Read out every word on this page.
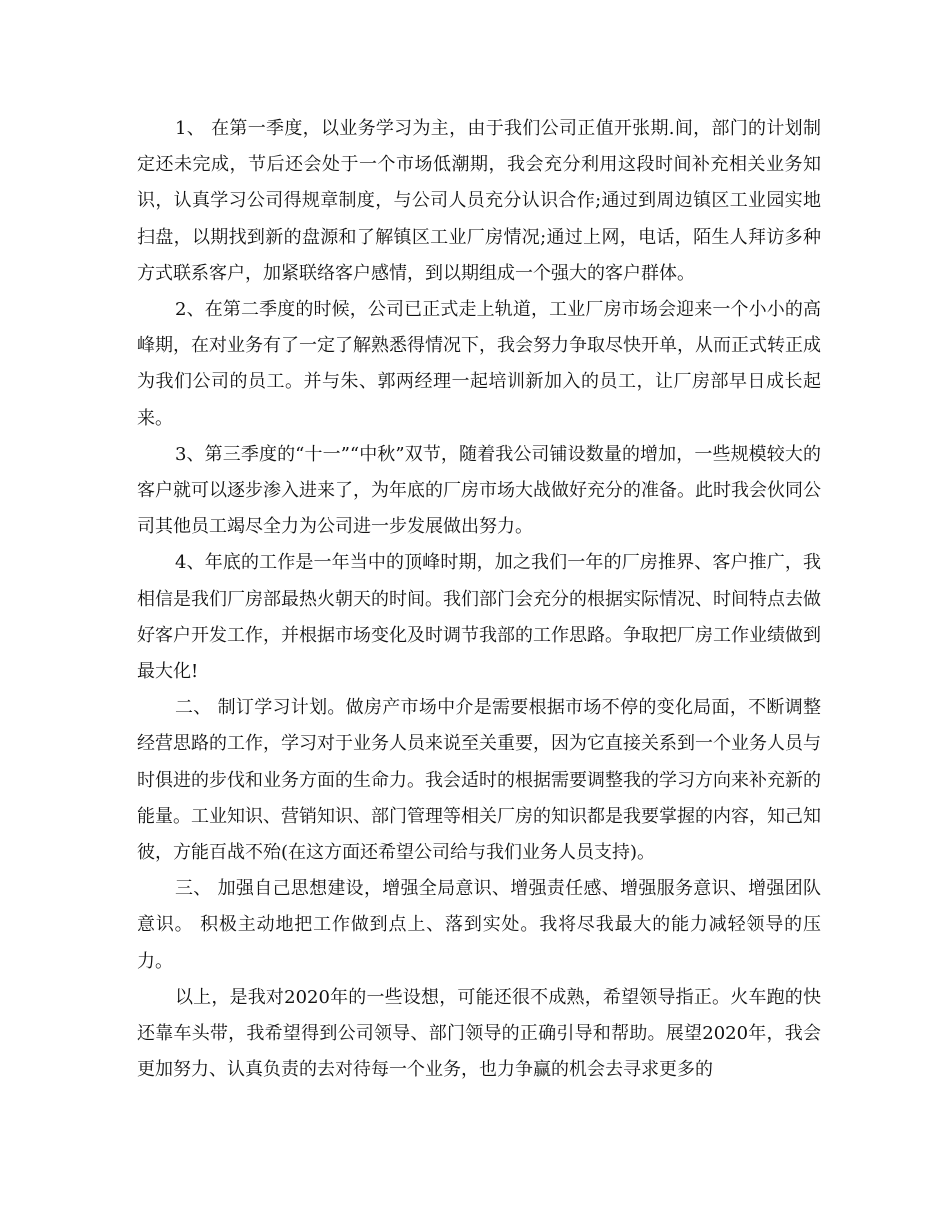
1、 在第一季度，以业务学习为主，由于我们公司正值开张期.间，部门的计划制定还未完成，节后还会处于一个市场低潮期，我会充分利用这段时间补充相关业务知识，认真学习公司得规章制度，与公司人员充分认识合作;通过到周边镇区工业园实地扫盘，以期找到新的盘源和了解镇区工业厂房情况;通过上网，电话，陌生人拜访多种方式联系客户，加紧联络客户感情，到以期组成一个强大的客户群体。

2、在第二季度的时候，公司已正式走上轨道，工业厂房市场会迎来一个小小的高峰期，在对业务有了一定了解熟悉得情况下，我会努力争取尽快开单，从而正式转正成为我们公司的员工。并与朱、郭两经理一起培训新加入的员工，让厂房部早日成长起来。

3、第三季度的“十一”“中秋”双节，随着我公司铺设数量的增加，一些规模较大的客户就可以逐步渗入进来了，为年底的厂房市场大战做好充分的准备。此时我会伙同公司其他员工竭尽全力为公司进一步发展做出努力。

4、年底的工作是一年当中的顶峰时期，加之我们一年的厂房推界、客户推广，我相信是我们厂房部最热火朝天的时间。我们部门会充分的根据实际情况、时间特点去做好客户开发工作，并根据市场变化及时调节我部的工作思路。争取把厂房工作业绩做到最大化!

二、 制订学习计划。做房产市场中介是需要根据市场不停的变化局面，不断调整经营思路的工作，学习对于业务人员来说至关重要，因为它直接关系到一个业务人员与时俱进的步伐和业务方面的生命力。我会适时的根据需要调整我的学习方向来补充新的能量。工业知识、营销知识、部门管理等相关厂房的知识都是我要掌握的内容，知己知彼，方能百战不殆(在这方面还希望公司给与我们业务人员支持)。

三、 加强自己思想建设，增强全局意识、增强责任感、增强服务意识、增强团队意识。 积极主动地把工作做到点上、落到实处。我将尽我最大的能力减轻领导的压力。

以上，是我对2020年的一些设想，可能还很不成熟，希望领导指正。火车跑的快还靠车头带，我希望得到公司领导、部门领导的正确引导和帮助。展望2020年，我会更加努力、认真负责的去对待每一个业务，也力争赢的机会去寻求更多的
